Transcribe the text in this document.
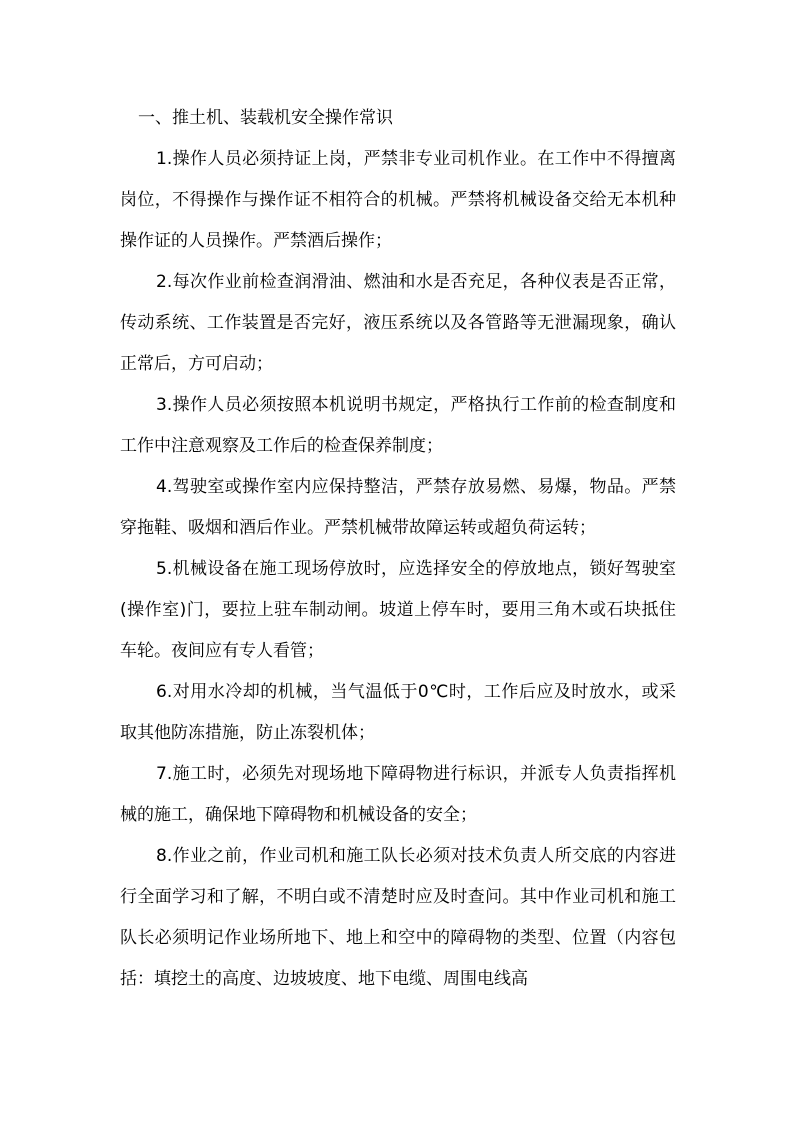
一、推土机、装载机安全操作常识

1.操作人员必须持证上岗，严禁非专业司机作业。在工作中不得擅离岗位，不得操作与操作证不相符合的机械。严禁将机械设备交给无本机种操作证的人员操作。严禁酒后操作；

2.每次作业前检查润滑油、燃油和水是否充足，各种仪表是否正常，传动系统、工作装置是否完好，液压系统以及各管路等无泄漏现象，确认正常后，方可启动；

3.操作人员必须按照本机说明书规定，严格执行工作前的检查制度和工作中注意观察及工作后的检查保养制度；

4.驾驶室或操作室内应保持整洁，严禁存放易燃、易爆，物品。严禁穿拖鞋、吸烟和酒后作业。严禁机械带故障运转或超负荷运转；

5.机械设备在施工现场停放时，应选择安全的停放地点，锁好驾驶室(操作室)门，要拉上驻车制动闸。坡道上停车时，要用三角木或石块抵住车轮。夜间应有专人看管；

6.对用水冷却的机械，当气温低于0℃时，工作后应及时放水，或采取其他防冻措施，防止冻裂机体；

7.施工时，必须先对现场地下障碍物进行标识，并派专人负责指挥机械的施工，确保地下障碍物和机械设备的安全；

8.作业之前，作业司机和施工队长必须对技术负责人所交底的内容进行全面学习和了解，不明白或不清楚时应及时查问。其中作业司机和施工队长必须明记作业场所地下、地上和空中的障碍物的类型、位置（内容包括：填挖土的高度、边坡坡度、地下电缆、周围电线高
